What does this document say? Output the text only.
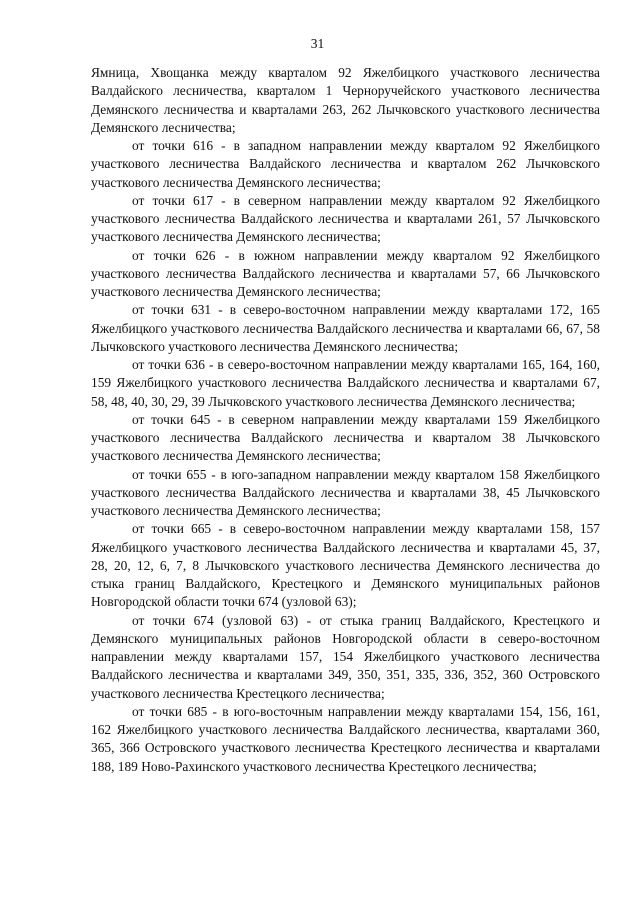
31

Ямница, Хвощанка между кварталом 92 Яжелбицкого участкового лесничества Валдайского лесничества, кварталом 1 Черноручейского участкового лесничества Демянского лесничества и кварталами 263, 262 Лычковского участкового лесничества Демянского лесничества;

от точки 616 - в западном направлении между кварталом 92 Яжелбицкого участкового лесничества Валдайского лесничества и кварталом 262 Лычковского участкового лесничества Демянского лесничества;

от точки 617 - в северном направлении между кварталом 92 Яжелбицкого участкового лесничества Валдайского лесничества и кварталами 261, 57 Лычковского участкового лесничества Демянского лесничества;

от точки 626 - в южном направлении между кварталом 92 Яжелбицкого участкового лесничества Валдайского лесничества и кварталами 57, 66 Лычковского участкового лесничества Демянского лесничества;

от точки 631 - в северо-восточном направлении между кварталами 172, 165 Яжелбицкого участкового лесничества Валдайского лесничества и кварталами 66, 67, 58 Лычковского участкового лесничества Демянского лесничества;

от точки 636 - в северо-восточном направлении между кварталами 165, 164, 160, 159 Яжелбицкого участкового лесничества Валдайского лесничества и кварталами 67, 58, 48, 40, 30, 29, 39 Лычковского участкового лесничества Демянского лесничества;

от точки 645 - в северном направлении между кварталами 159 Яжелбицкого участкового лесничества Валдайского лесничества и кварталом 38 Лычковского участкового лесничества Демянского лесничества;

от точки 655 - в юго-западном направлении между кварталом 158 Яжелбицкого участкового лесничества Валдайского лесничества и кварталами 38, 45 Лычковского участкового лесничества Демянского лесничества;

от точки 665 - в северо-восточном направлении между кварталами 158, 157 Яжелбицкого участкового лесничества Валдайского лесничества и кварталами 45, 37, 28, 20, 12, 6, 7, 8 Лычковского участкового лесничества Демянского лесничества до стыка границ Валдайского, Крестецкого и Демянского муниципальных районов Новгородской области точки 674 (узловой 63);

от точки 674 (узловой 63) - от стыка границ Валдайского, Крестецкого и Демянского муниципальных районов Новгородской области в северо-восточном направлении между кварталами 157, 154 Яжелбицкого участкового лесничества Валдайского лесничества и кварталами 349, 350, 351, 335, 336, 352, 360 Островского участкового лесничества Крестецкого лесничества;

от точки 685 - в юго-восточным направлении между кварталами 154, 156, 161, 162 Яжелбицкого участкового лесничества Валдайского лесничества, кварталами 360, 365, 366 Островского участкового лесничества Крестецкого лесничества и кварталами 188, 189 Ново-Рахинского участкового лесничества Крестецкого лесничества;
